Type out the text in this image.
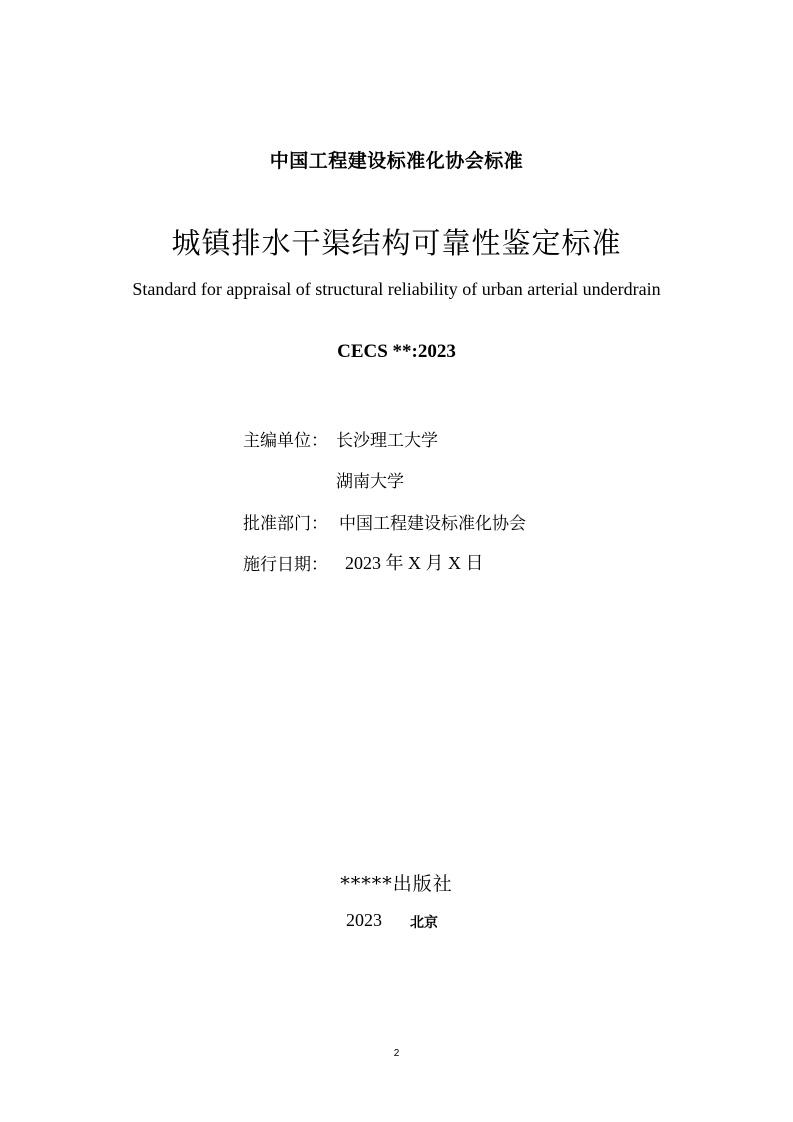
中国工程建设标准化协会标准
城镇排水干渠结构可靠性鉴定标准
Standard for appraisal of structural reliability of urban arterial underdrain
CECS **:2023
主编单位： 长沙理工大学
湖南大学
批准部门： 中国工程建设标准化协会
施行日期： 2023 年 X 月 X 日
*****出版社
2023 北京
2
